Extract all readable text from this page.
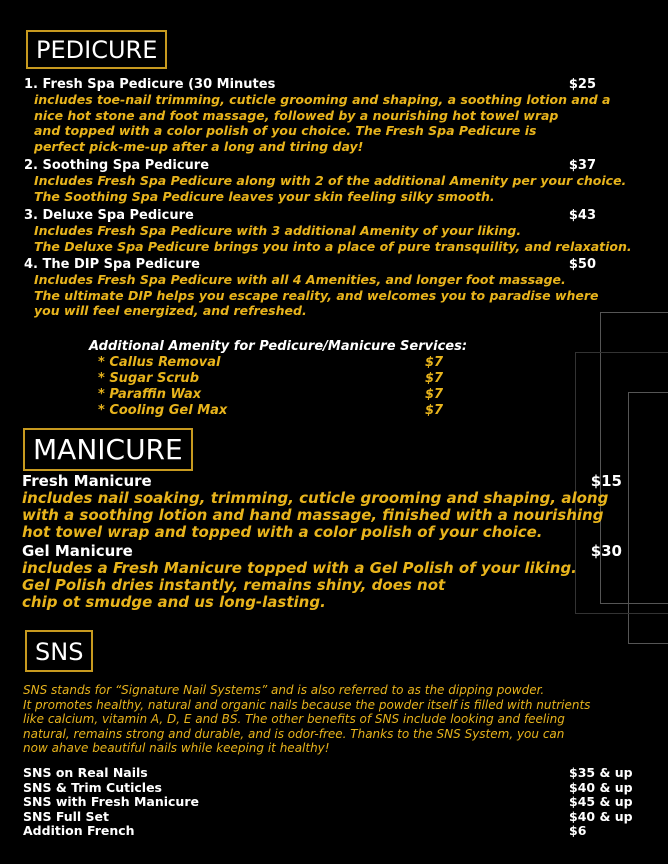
PEDICURE
1. Fresh Spa Pedicure (30 Minutes	$25
includes toe-nail trimming, cuticle grooming and shaping, a soothing lotion and a
nice hot stone and foot massage, followed by a nourishing hot towel wrap
and topped with a color polish of you choice. The Fresh Spa Pedicure is
perfect pick-me-up after a long and tiring day!
2. Soothing Spa Pedicure	$37
Includes Fresh Spa Pedicure along with 2 of the additional Amenity per your choice.
The Soothing Spa Pedicure leaves your skin feeling silky smooth.
3. Deluxe Spa Pedicure	$43
Includes Fresh Spa Pedicure with 3 additional Amenity of your liking.
The Deluxe Spa Pedicure brings you into a place of pure transquility, and relaxation.
4. The DIP Spa Pedicure	$50
Includes Fresh Spa Pedicure with all 4 Amenities, and longer foot massage.
The ultimate DIP helps you escape reality, and welcomes you to paradise where
you will feel energized, and refreshed.
Additional Amenity for Pedicure/Manicure Services:
* Callus Removal	$7
* Sugar Scrub	$7
* Paraffin Wax	$7
* Cooling Gel Max	$7
MANICURE
Fresh Manicure	$15
includes nail soaking, trimming, cuticle grooming and shaping, along
with a soothing lotion and hand massage, finished with a nourishing
hot towel wrap and topped with a color polish of your choice.
Gel Manicure	$30
includes a Fresh Manicure topped with a Gel Polish of your liking.
Gel Polish dries instantly, remains shiny, does not
chip ot smudge and us long-lasting.
SNS
SNS stands for “Signature Nail Systems” and is also referred to as the dipping powder.
It promotes healthy, natural and organic nails because the powder itself is filled with nutrients
like calcium, vitamin A, D, E and BS. The other benefits of SNS include looking and feeling
natural, remains strong and durable, and is odor-free. Thanks to the SNS System, you can
now ahave beautiful nails while keeping it healthy!
SNS on Real Nails	$35 & up
SNS & Trim Cuticles	$40 & up
SNS with Fresh Manicure	$45 & up
SNS Full Set	$40 & up
Addition French	$6
